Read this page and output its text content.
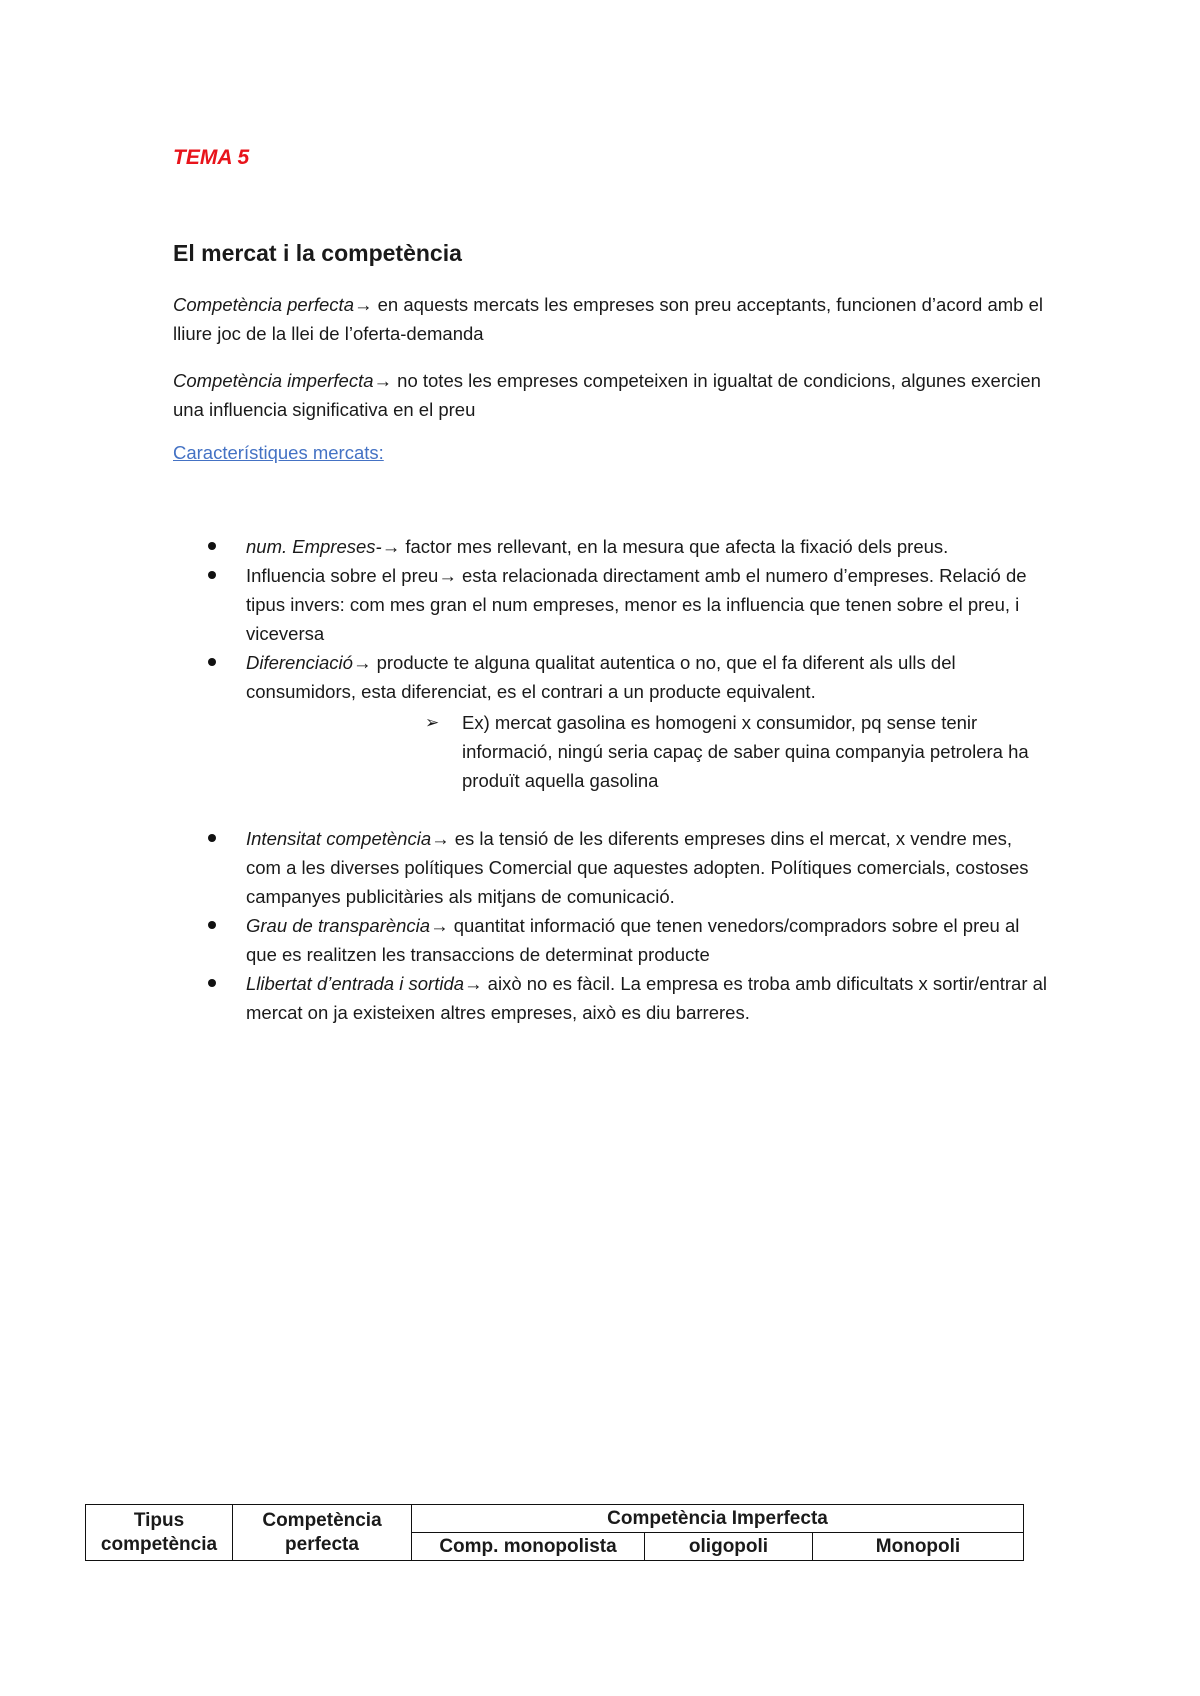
TEMA 5
El mercat i la competència

Competència perfecta→ en aquests mercats les empreses son preu acceptants, funcionen d’acord amb el lliure joc de la llei de l’oferta-demanda

Competència imperfecta→ no totes les empreses competeixen in igualtat de condicions, algunes exercien una influencia significativa en el preu

Característiques mercats:
num. Empreses-→ factor mes rellevant, en la mesura que afecta la fixació dels preus.
Influencia sobre el preu→ esta relacionada directament amb el numero d’empreses. Relació de tipus invers: com mes gran el num empreses, menor es la influencia que tenen sobre el preu, i viceversa
Diferenciació→ producte te alguna qualitat autentica o no, que el fa diferent als ulls del consumidors, esta diferenciat, es el contrari a un producte equivalent.
➢ Ex) mercat gasolina es homogeni x consumidor, pq sense tenir informació, ningú seria capaç de saber quina companyia petrolera ha produït aquella gasolina
Intensitat competència→ es la tensió de les diferents empreses dins el mercat, x vendre mes, com a les diverses polítiques Comercial que aquestes adopten. Polítiques comercials, costoses campanyes publicitàries als mitjans de comunicació.
Grau de transparència→ quantitat informació que tenen venedors/compradors sobre el preu al que es realitzen les transaccions de determinat producte
Llibertat d’entrada i sortida→ això no es fàcil. La empresa es troba amb dificultats x sortir/entrar al mercat on ja existeixen altres empreses, això es diu barreres.
Tipus competència	Competència perfecta	Competència Imperfecta		
		Comp. monopolista	oligopoli	Monopoli
